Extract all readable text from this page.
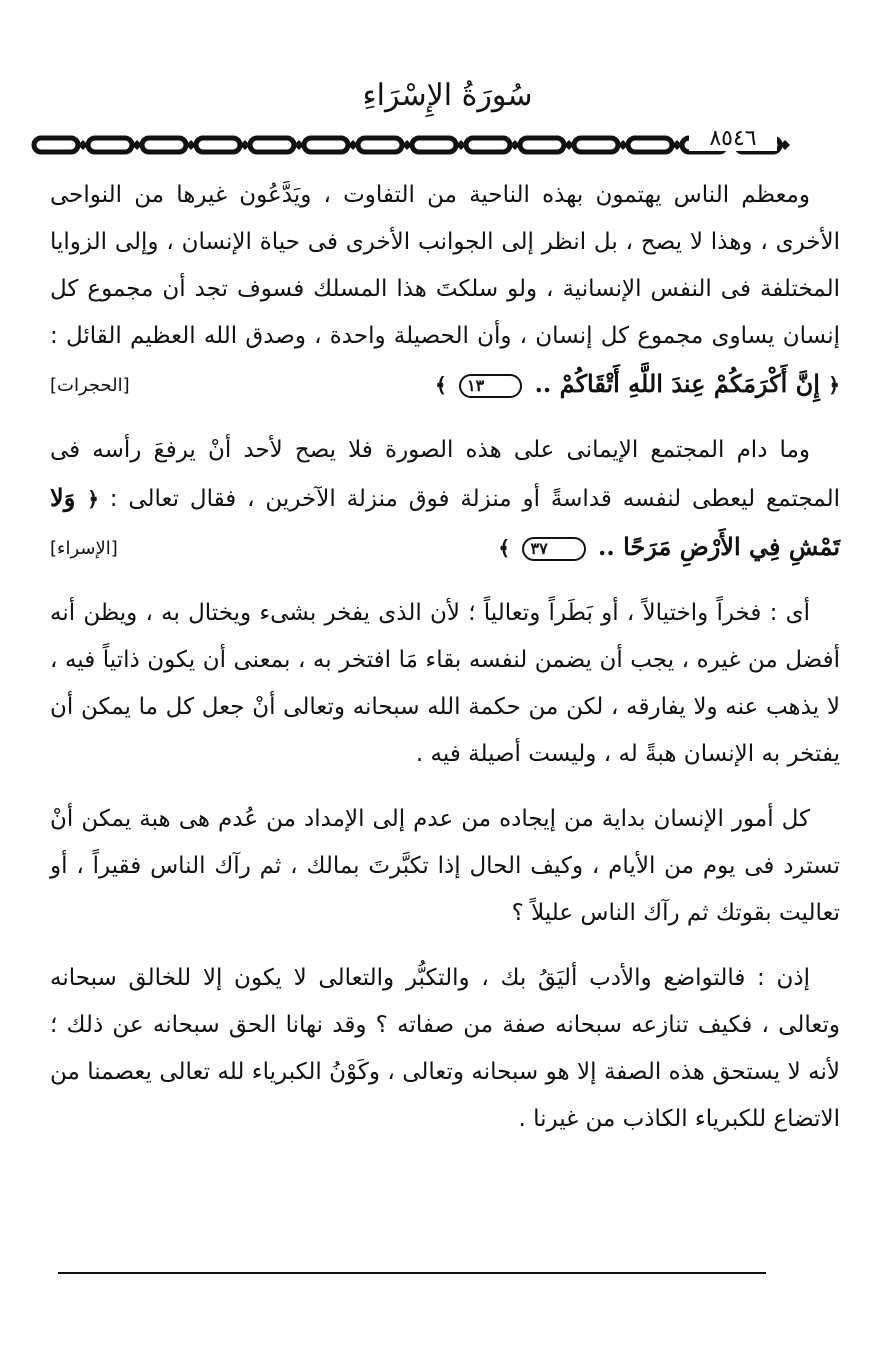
سُورَةُ الإِسْرَاءِ
٨٥٤٦

ومعظم الناس يهتمون بهذه الناحية من التفاوت ، ويَدَّعُون غيرها من النواحى الأخرى ، وهذا لا يصح ، بل انظر إلى الجوانب الأخرى فى حياة الإنسان ، وإلى الزوايا المختلفة فى النفس الإنسانية ، ولو سلكتَ هذا المسلك فسوف تجد أن مجموع كل إنسان يساوى مجموع كل إنسان ، وأن الحصيلة واحدة ، وصدق الله العظيم القائل : ﴿ إِنَّ أَكْرَمَكُمْ عِندَ اللَّهِ أَتْقَاكُمْ .. ١٣ ﴾
[الحجرات]

وما دام المجتمع الإيمانى على هذه الصورة فلا يصح لأحد أنْ يرفعَ رأسه فى المجتمع ليعطى لنفسه قداسةً أو منزلة فوق منزلة الآخرين ، فقال تعالى : ﴿ وَلا تَمْشِ فِي الأَرْضِ مَرَحًا .. ٣٧ ﴾
[الإسراء]

أى : فخراً واختيالاً ، أو بَطَراً وتعالياً ؛ لأن الذى يفخر بشىء ويختال به ، ويظن أنه أفضل من غيره ، يجب أن يضمن لنفسه بقاء مَا افتخر به ، بمعنى أن يكون ذاتياً فيه ، لا يذهب عنه ولا يفارقه ، لكن من حكمة الله سبحانه وتعالى أنْ جعل كل ما يمكن أن يفتخر به الإنسان هبةً له ، وليست أصيلة فيه .

كل أمور الإنسان بداية من إيجاده من عدم إلى الإمداد من عُدم هى هبة يمكن أنْ تسترد فى يوم من الأيام ، وكيف الحال إذا تكبَّرتَ بمالك ، ثم رآك الناس فقيراً ، أو تعاليت بقوتك ثم رآك الناس عليلاً ؟

إذن : فالتواضع والأدب أليَقُ بك ، والتكبُّر والتعالى لا يكون إلا للخالق سبحانه وتعالى ، فكيف تنازعه سبحانه صفة من صفاته ؟ وقد نهانا الحق سبحانه عن ذلك ؛ لأنه لا يستحق هذه الصفة إلا هو سبحانه وتعالى ، وكَوْنُ الكبرياء لله تعالى يعصمنا من الاتضاع للكبرياء الكاذب من غيرنا .
